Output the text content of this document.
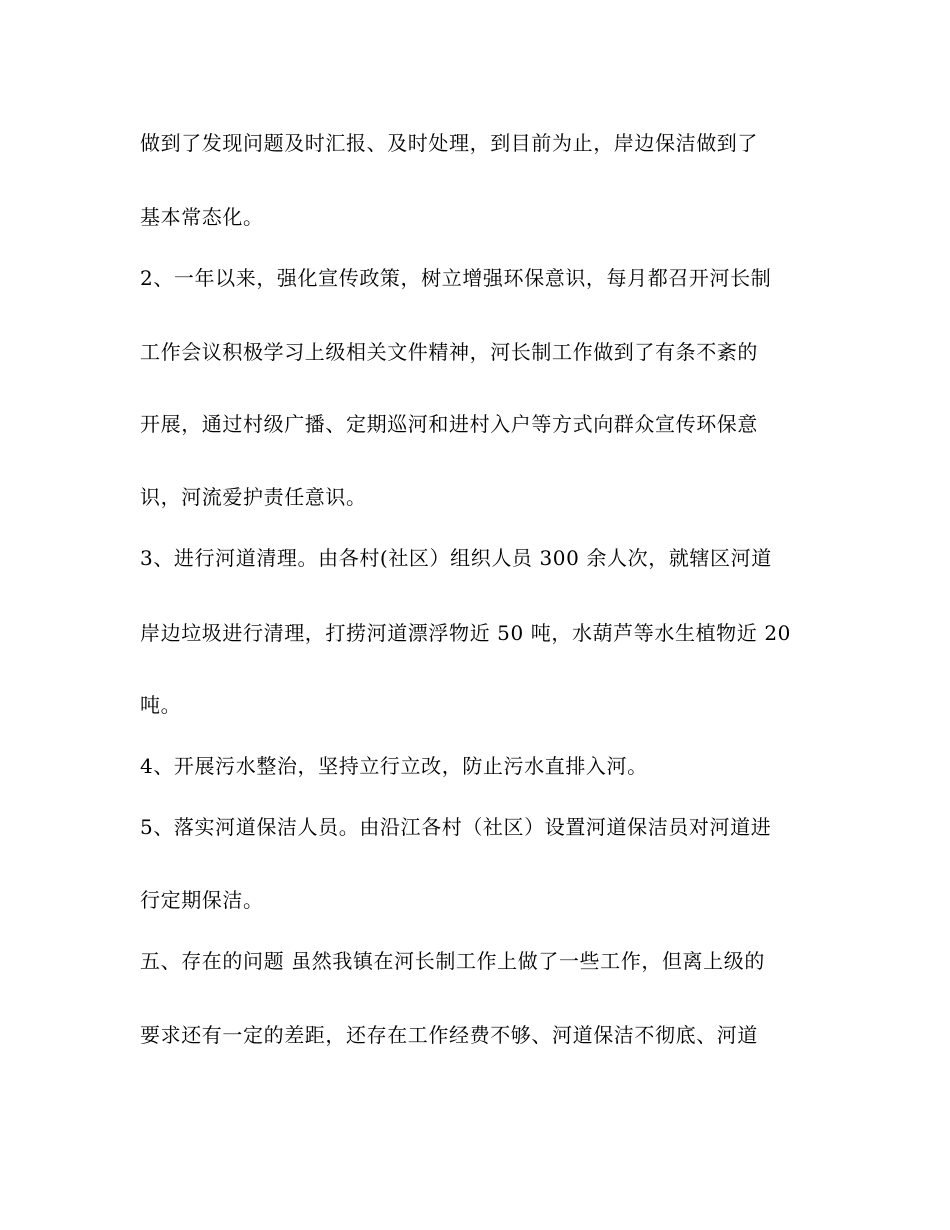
做到了发现问题及时汇报、及时处理，到目前为止，岸边保洁做到了
基本常态化。
2、一年以来，强化宣传政策，树立增强环保意识，每月都召开河长制
工作会议积极学习上级相关文件精神，河长制工作做到了有条不紊的
开展，通过村级广播、定期巡河和进村入户等方式向群众宣传环保意
识，河流爱护责任意识。
3、进行河道清理。由各村(社区）组织人员 300 余人次，就辖区河道
岸边垃圾进行清理，打捞河道漂浮物近 50 吨，水葫芦等水生植物近 20
吨。
4、开展污水整治，坚持立行立改，防止污水直排入河。
5、落实河道保洁人员。由沿江各村（社区）设置河道保洁员对河道进
行定期保洁。
五、存在的问题 虽然我镇在河长制工作上做了一些工作，但离上级的
要求还有一定的差距，还存在工作经费不够、河道保洁不彻底、河道
